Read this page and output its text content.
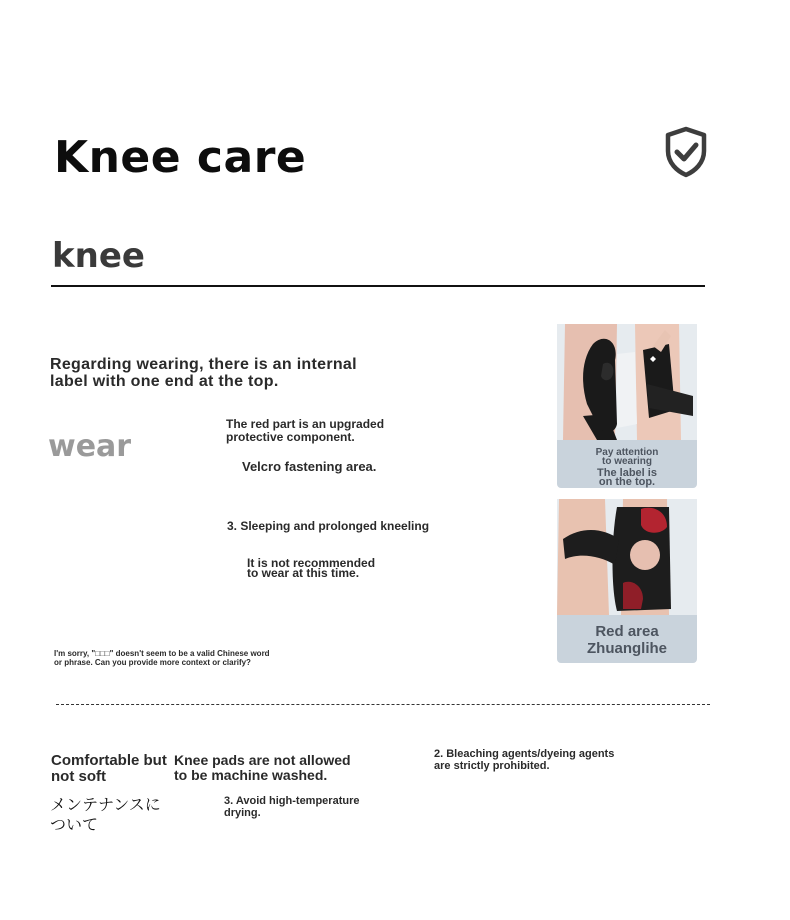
Knee care
knee
Regarding wearing, there is an internal
label with one end at the top.
wear
The red part is an upgraded
protective component.
Velcro fastening area.
3. Sleeping and prolonged kneeling
It is not recommended
to wear at this time.
I'm sorry, "□□□" doesn't seem to be a valid Chinese word
or phrase. Can you provide more context or clarify?
Pay attention
to wearing
The label is
on the top.
Red area
Zhuanglihe
Comfortable but
not soft
Knee pads are not allowed
to be machine washed.
2. Bleaching agents/dyeing agents
are strictly prohibited.
メンテナンスに
ついて
3. Avoid high-temperature
drying.
